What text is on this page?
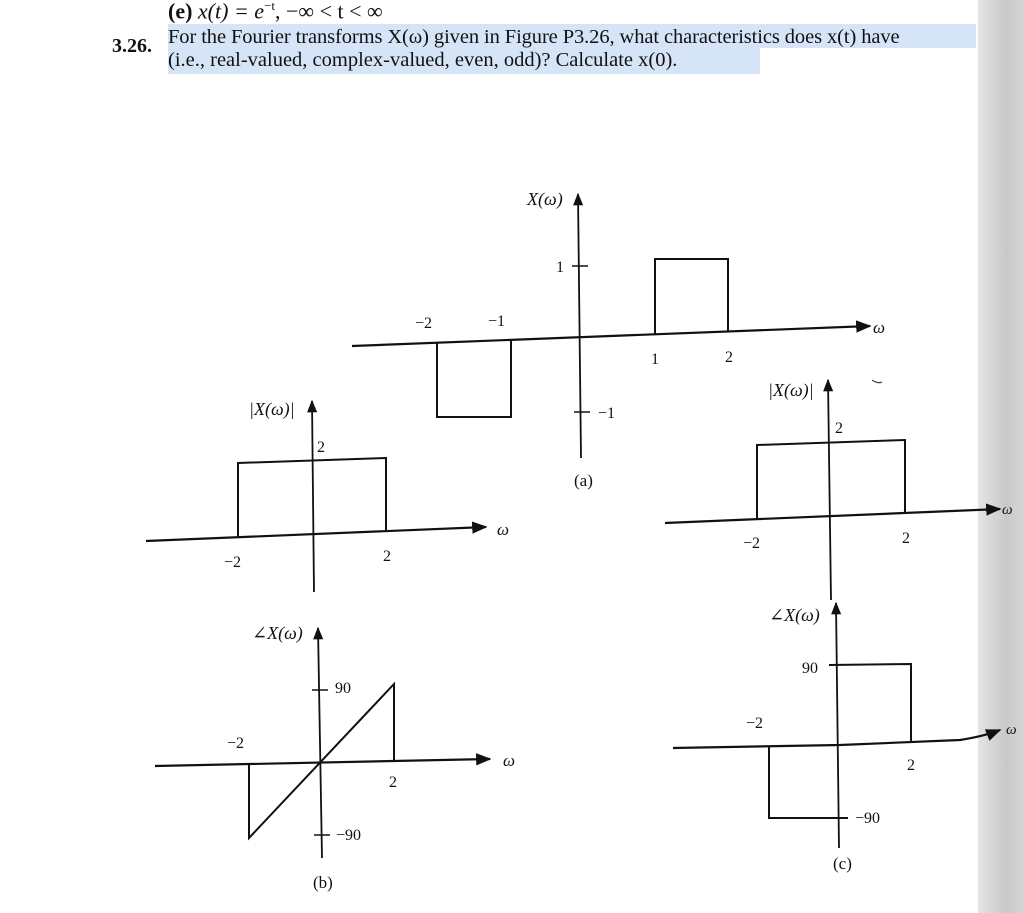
(e) $x(t) = e^{-t}$, −∞ < t < ∞
3.26. For the Fourier transforms X(ω) given in Figure P3.26, what characteristics does x(t) have
(i.e., real-valued, complex-valued, even, odd)? Calculate x(0).
X(ω)
ω
1
−1
−2	−1
1	2
(a)
|X(ω)|
ω
2
−2	2
∠X(ω)
ω
90
−90
−2
2
(b)
|X(ω)|
ω
2
−2	2
∠X(ω)
ω
90
−90
−2
2
(c)
